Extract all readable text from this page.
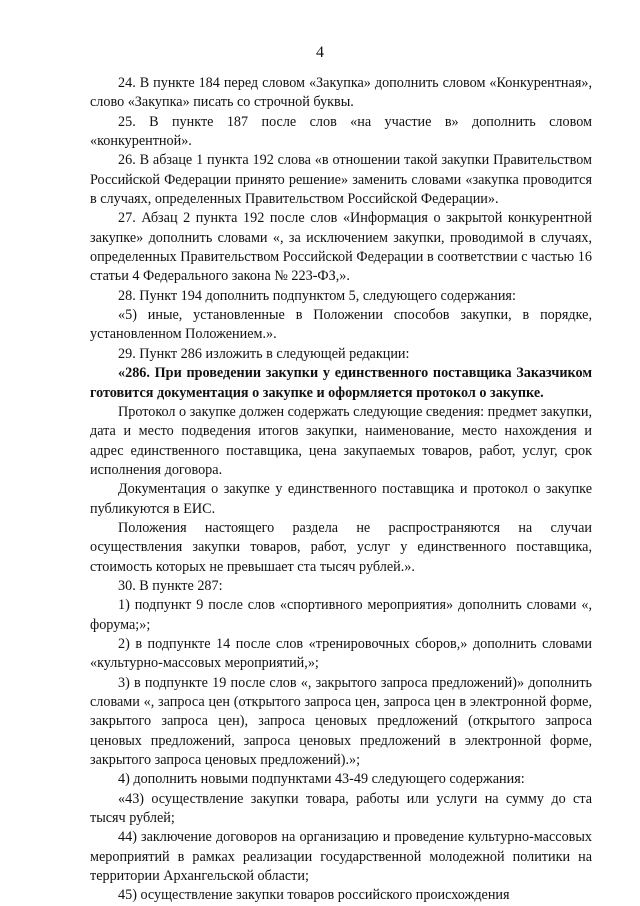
4

24. В пункте 184 перед словом «Закупка» дополнить словом «Конкурентная», слово «Закупка» писать со строчной буквы.

25. В пункте 187 после слов «на участие в» дополнить словом «конкурентной».

26. В абзаце 1 пункта 192 слова «в отношении такой закупки Правительством Российской Федерации принято решение» заменить словами «закупка проводится в случаях, определенных Правительством Российской Федерации».

27. Абзац 2 пункта 192 после слов «Информация о закрытой конкурентной закупке» дополнить словами «, за исключением закупки, проводимой в случаях, определенных Правительством Российской Федерации в соответствии с частью 16 статьи 4 Федерального закона № 223-ФЗ,».

28. Пункт 194 дополнить подпунктом 5, следующего содержания:

«5) иные, установленные в Положении способов закупки, в порядке, установленном Положением.».

29. Пункт 286 изложить в следующей редакции:

«286. При проведении закупки у единственного поставщика Заказчиком готовится документация о закупке и оформляется протокол о закупке.

Протокол о закупке должен содержать следующие сведения: предмет закупки, дата и место подведения итогов закупки, наименование, место нахождения и адрес единственного поставщика, цена закупаемых товаров, работ, услуг, срок исполнения договора.

Документация о закупке у единственного поставщика и протокол о закупке публикуются в ЕИС.

Положения настоящего раздела не распространяются на случаи осуществления закупки товаров, работ, услуг у единственного поставщика, стоимость которых не превышает ста тысяч рублей.».

30. В пункте 287:

1) подпункт 9 после слов «спортивного мероприятия» дополнить словами «, форума;»;

2) в подпункте 14 после слов «тренировочных сборов,» дополнить словами «культурно-массовых мероприятий,»;

3) в подпункте 19 после слов «, закрытого запроса предложений)» дополнить словами «, запроса цен (открытого запроса цен, запроса цен в электронной форме, закрытого запроса цен), запроса ценовых предложений (открытого запроса ценовых предложений, запроса ценовых предложений в электронной форме, закрытого запроса ценовых предложений).»;

4) дополнить новыми подпунктами 43-49 следующего содержания:

«43) осуществление закупки товара, работы или услуги на сумму до ста тысяч рублей;

44) заключение договоров на организацию и проведение культурно-массовых мероприятий в рамках реализации государственной молодежной политики на территории Архангельской области;

45) осуществление закупки товаров российского происхождения
